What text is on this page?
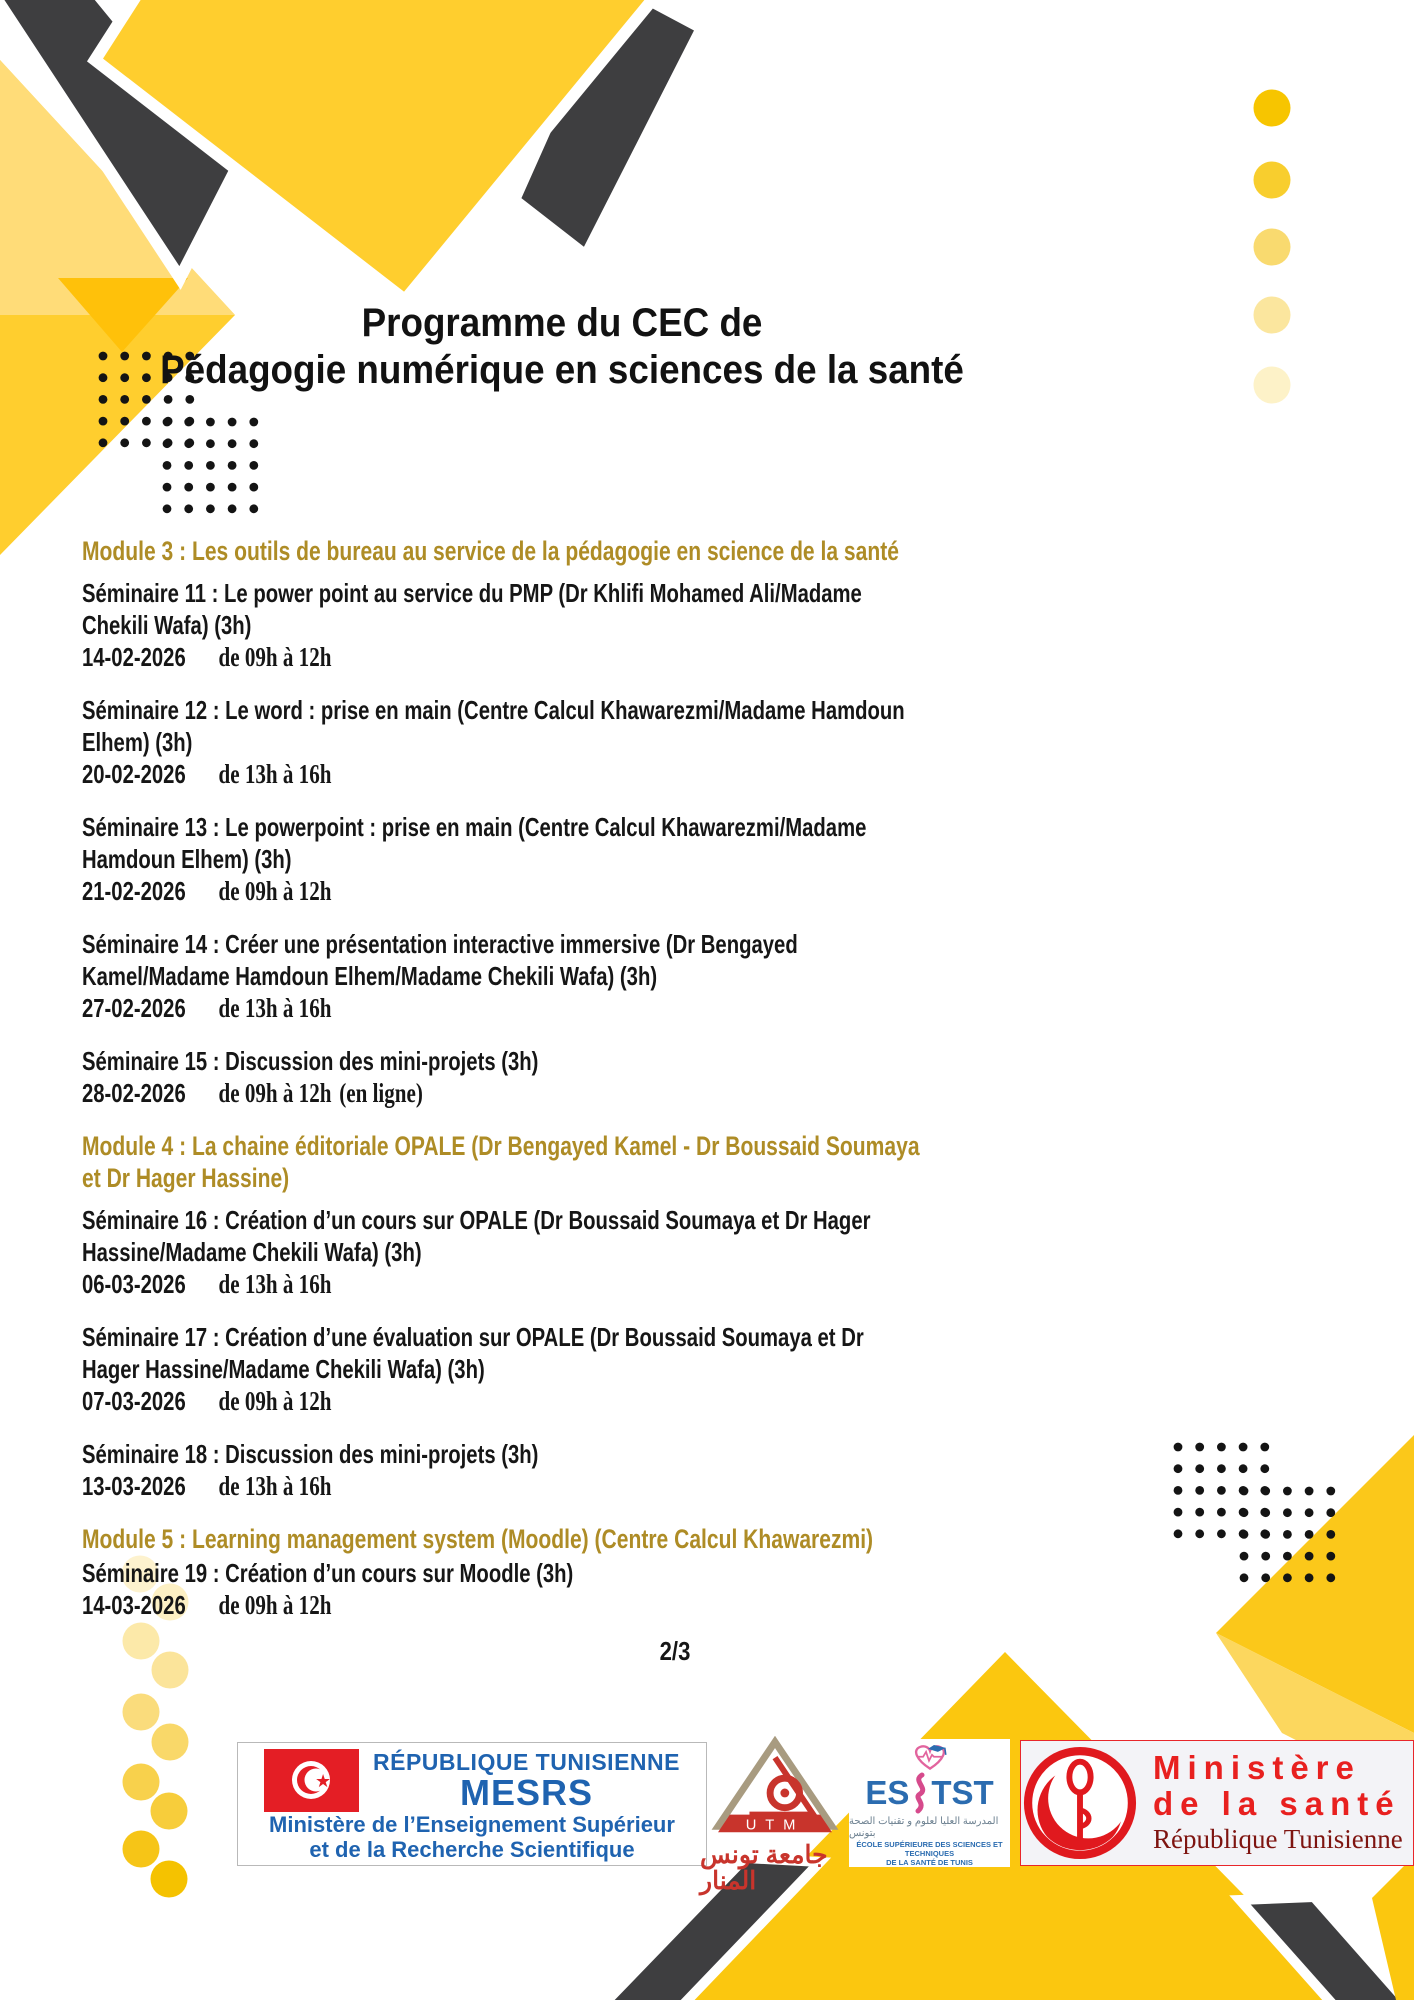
Programme du CEC de
Pédagogie numérique en sciences de la santé
Module 3 : Les outils de bureau au service de la pédagogie en science de la santé
Séminaire 11 : Le power point au service du PMP (Dr Khlifi Mohamed Ali/Madame
Chekili Wafa) (3h)
14-02-2026 de 09h à 12h
Séminaire 12 : Le word : prise en main (Centre Calcul Khawarezmi/Madame Hamdoun
Elhem) (3h)
20-02-2026 de 13h à 16h
Séminaire 13 : Le powerpoint : prise en main (Centre Calcul Khawarezmi/Madame
Hamdoun Elhem) (3h)
21-02-2026 de 09h à 12h
Séminaire 14 : Créer une présentation interactive immersive (Dr Bengayed
Kamel/Madame Hamdoun Elhem/Madame Chekili Wafa) (3h)
27-02-2026 de 13h à 16h
Séminaire 15 : Discussion des mini-projets (3h)
28-02-2026 de 09h à 12h (en ligne)
Module 4 : La chaine éditoriale OPALE (Dr Bengayed Kamel - Dr Boussaid Soumaya
et Dr Hager Hassine)
Séminaire 16 : Création d’un cours sur OPALE (Dr Boussaid Soumaya et Dr Hager
Hassine/Madame Chekili Wafa) (3h)
06-03-2026 de 13h à 16h
Séminaire 17 : Création d’une évaluation sur OPALE (Dr Boussaid Soumaya et Dr
Hager Hassine/Madame Chekili Wafa) (3h)
07-03-2026 de 09h à 12h
Séminaire 18 : Discussion des mini-projets (3h)
13-03-2026 de 13h à 16h
Module 5 : Learning management system (Moodle) (Centre Calcul Khawarezmi)
Séminaire 19 : Création d’un cours sur Moodle (3h)
14-03-2026 de 09h à 12h
2/3
★
RÉPUBLIQUE TUNISIENNE
MESRS
Ministère de l’Enseignement Supérieur
et de la Recherche Scientifique
UTM
جامعة تونس المنار
ES TST
المدرسة العليا لعلوم و تقنيات الصحة بتونس
ÉCOLE SUPÉRIEURE DES SCIENCES ET TECHNIQUES
DE LA SANTÉ DE TUNIS
Ministère
de la santé
République Tunisienne
